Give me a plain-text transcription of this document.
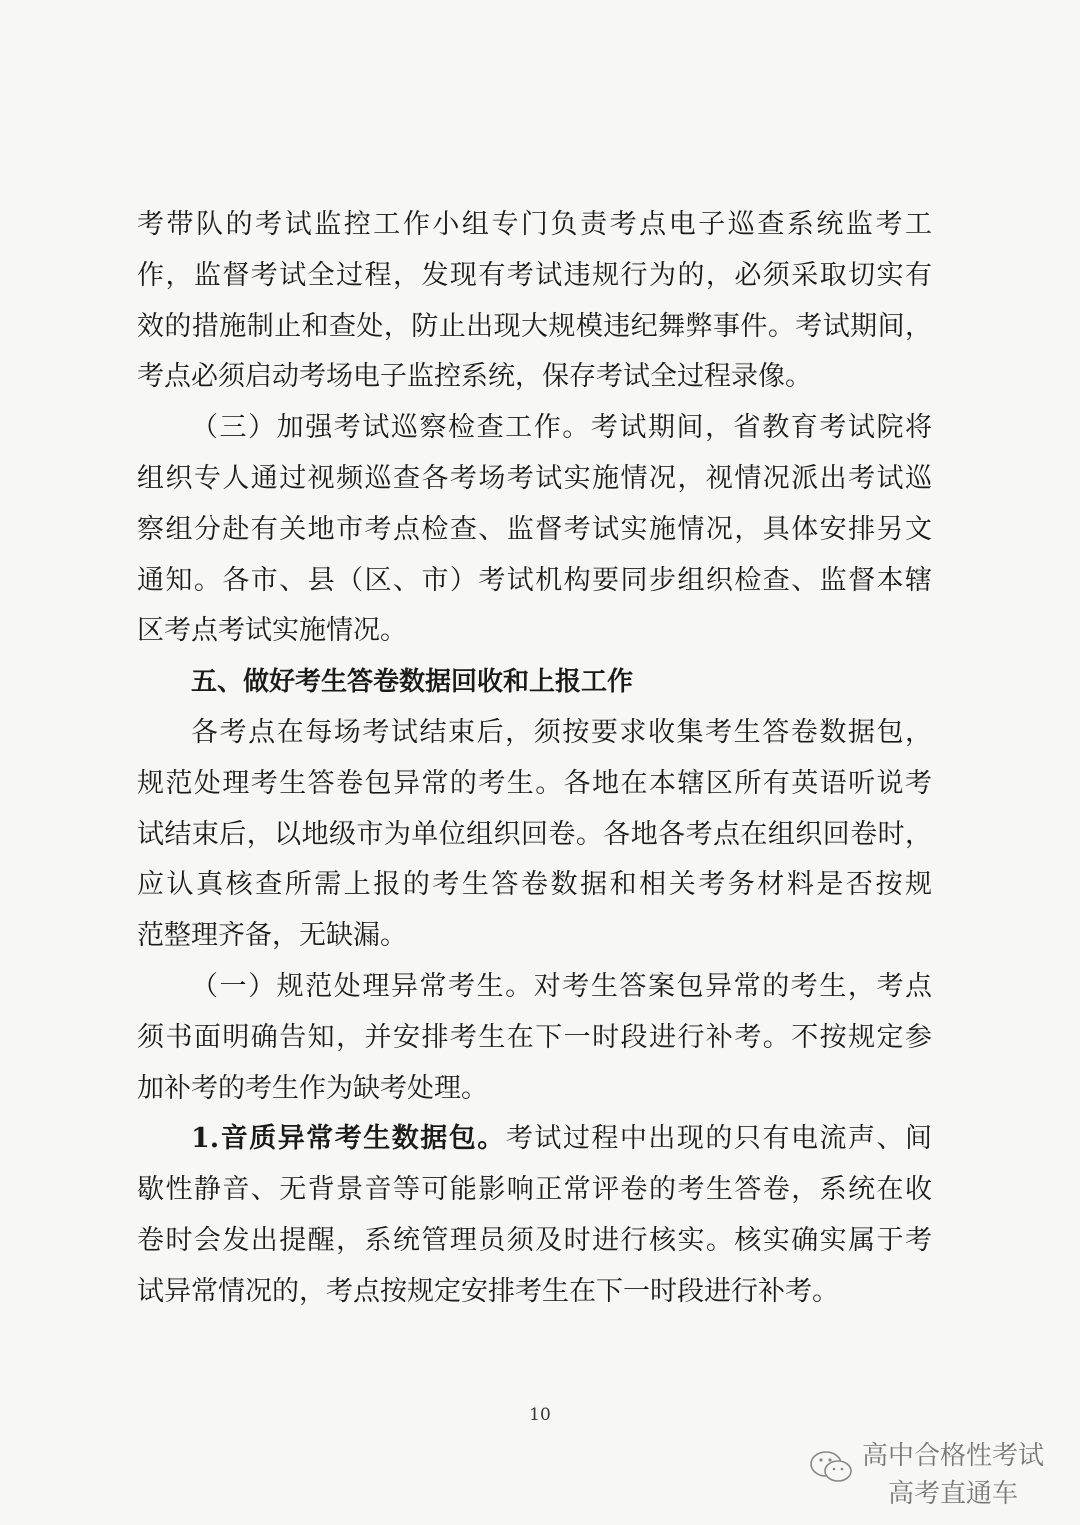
考带队的考试监控工作小组专门负责考点电子巡查系统监考工
作，监督考试全过程，发现有考试违规行为的，必须采取切实有
效的措施制止和查处，防止出现大规模违纪舞弊事件。考试期间，
考点必须启动考场电子监控系统，保存考试全过程录像。
（三）加强考试巡察检查工作。考试期间，省教育考试院将
组织专人通过视频巡查各考场考试实施情况，视情况派出考试巡
察组分赴有关地市考点检查、监督考试实施情况，具体安排另文
通知。各市、县（区、市）考试机构要同步组织检查、监督本辖
区考点考试实施情况。
五、做好考生答卷数据回收和上报工作
各考点在每场考试结束后，须按要求收集考生答卷数据包，
规范处理考生答卷包异常的考生。各地在本辖区所有英语听说考
试结束后，以地级市为单位组织回卷。各地各考点在组织回卷时，
应认真核查所需上报的考生答卷数据和相关考务材料是否按规
范整理齐备，无缺漏。
（一）规范处理异常考生。对考生答案包异常的考生，考点
须书面明确告知，并安排考生在下一时段进行补考。不按规定参
加补考的考生作为缺考处理。
1.音质异常考生数据包。考试过程中出现的只有电流声、间
歇性静音、无背景音等可能影响正常评卷的考生答卷，系统在收
卷时会发出提醒，系统管理员须及时进行核实。核实确实属于考
试异常情况的，考点按规定安排考生在下一时段进行补考。
10
高中合格性考试
高考直通车
